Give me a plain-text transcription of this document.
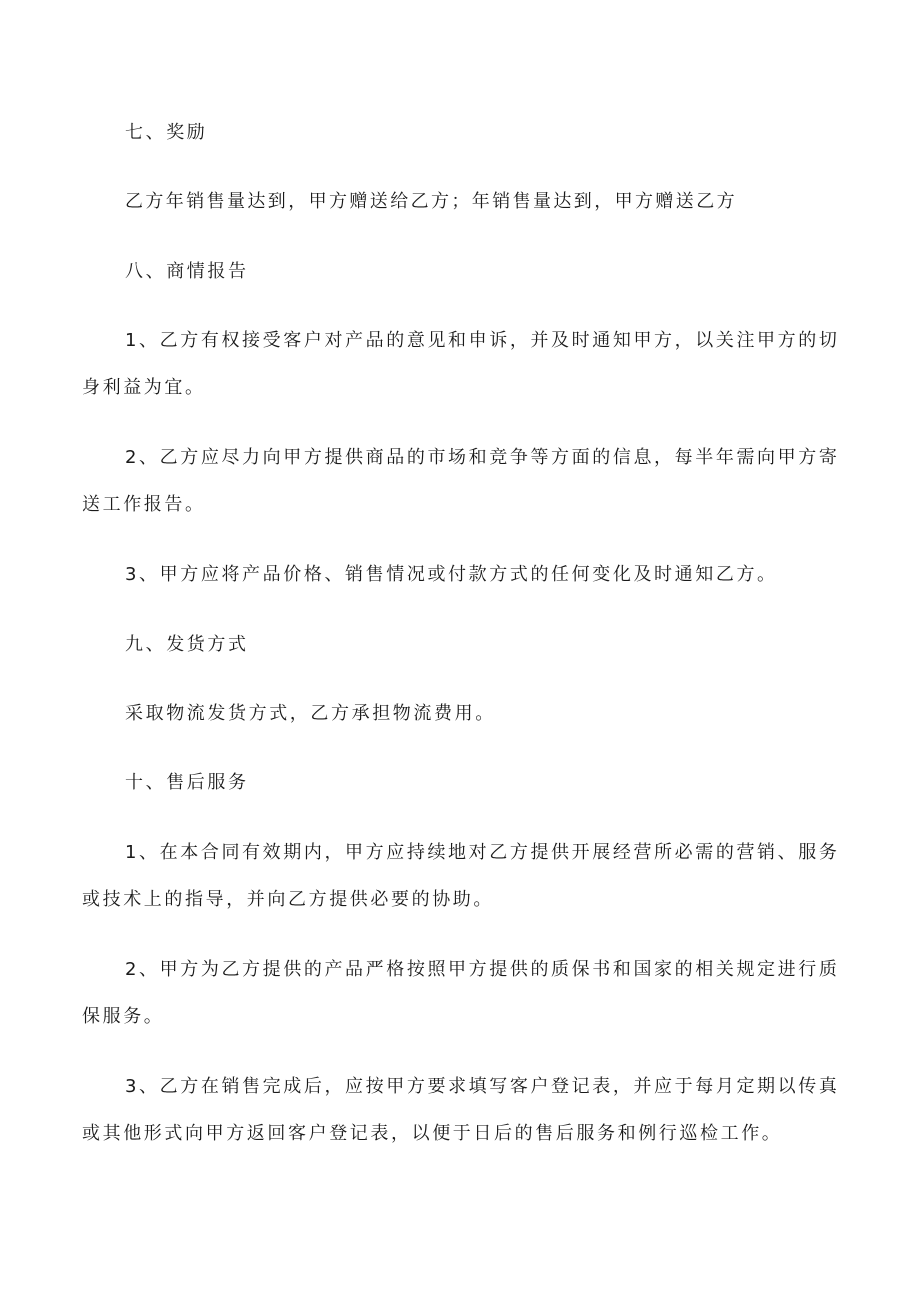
七、奖励

乙方年销售量达到，甲方赠送给乙方；年销售量达到，甲方赠送乙方

八、商情报告

1、乙方有权接受客户对产品的意见和申诉，并及时通知甲方，以关注甲方的切身利益为宜。

2、乙方应尽力向甲方提供商品的市场和竞争等方面的信息，每半年需向甲方寄送工作报告。

3、甲方应将产品价格、销售情况或付款方式的任何变化及时通知乙方。

九、发货方式

采取物流发货方式，乙方承担物流费用。

十、售后服务

1、在本合同有效期内，甲方应持续地对乙方提供开展经营所必需的营销、服务或技术上的指导，并向乙方提供必要的协助。

2、甲方为乙方提供的产品严格按照甲方提供的质保书和国家的相关规定进行质保服务。

3、乙方在销售完成后，应按甲方要求填写客户登记表，并应于每月定期以传真或其他形式向甲方返回客户登记表，以便于日后的售后服务和例行巡检工作。
